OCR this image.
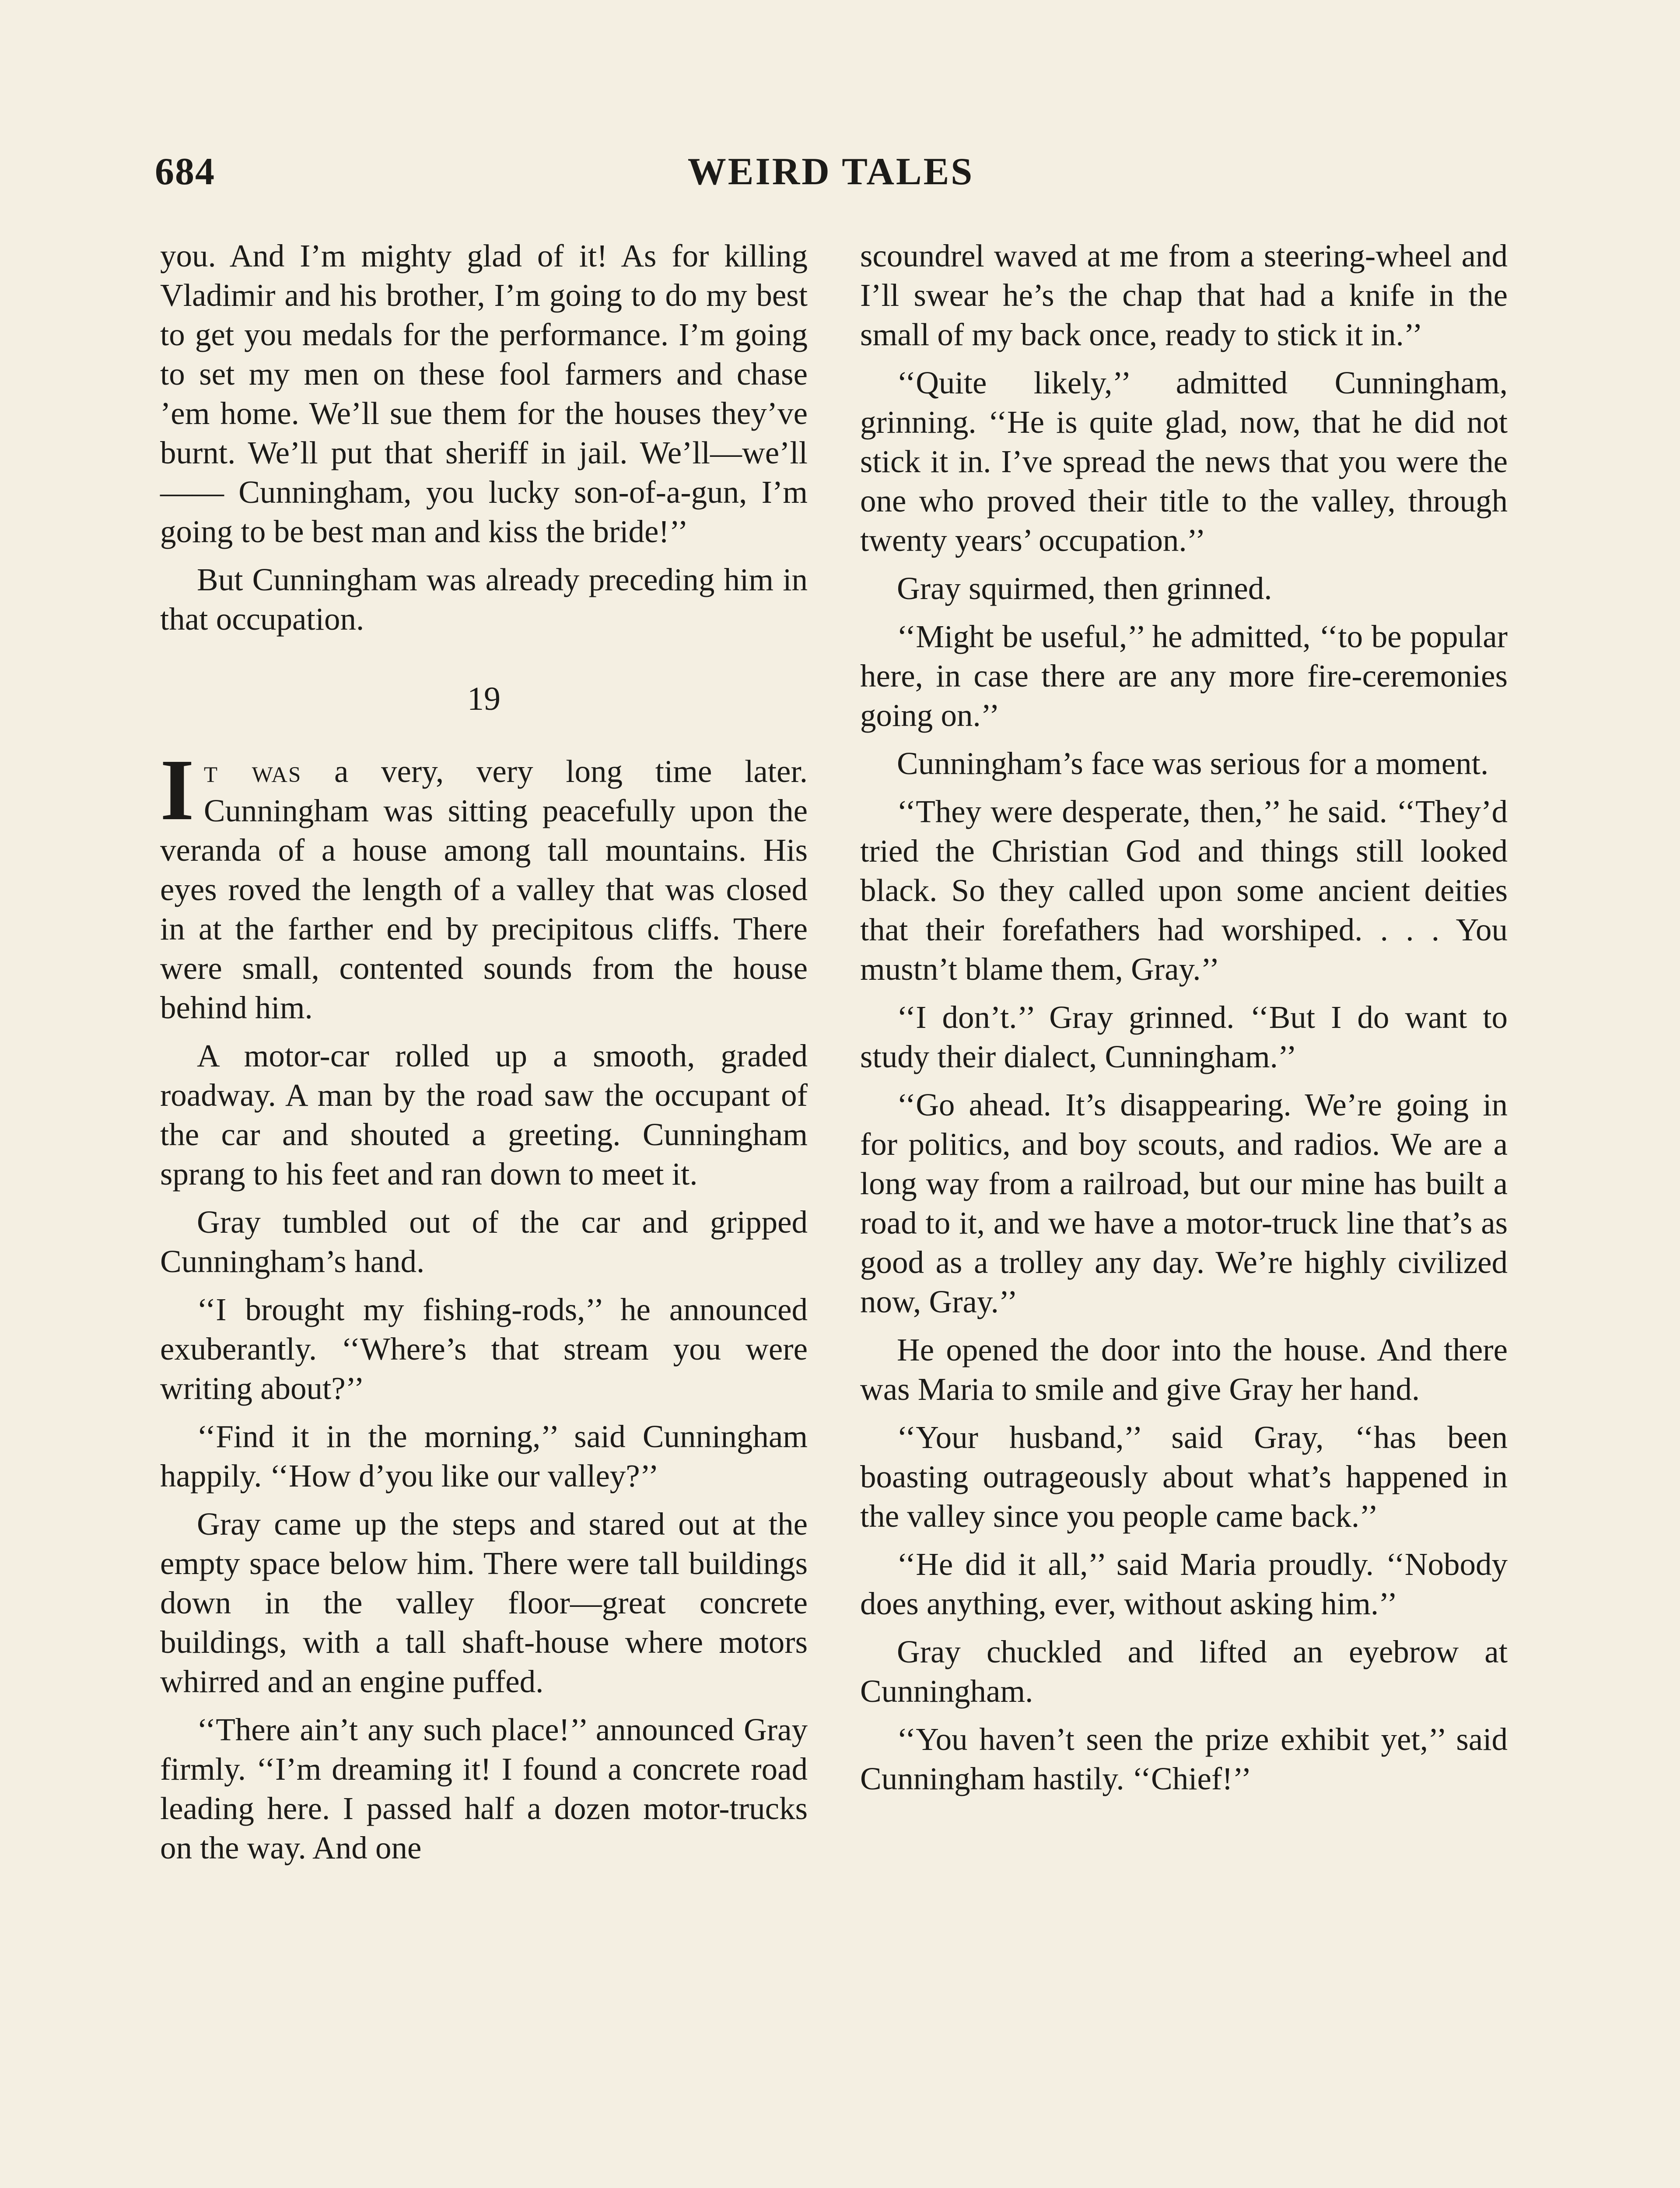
684	WEIRD TALES

you. And I’m mighty glad of it! As for killing Vladimir and his brother, I’m going to do my best to get you medals for the performance. I’m going to set my men on these fool farmers and chase ’em home. We’ll sue them for the houses they’ve burnt. We’ll put that sheriff in jail. We’ll—we’ll—— Cunningham, you lucky son-of-a-gun, I’m going to be best man and kiss the bride!’’

But Cunningham was already preceding him in that occupation.

19

It was a very, very long time later. Cunningham was sitting peacefully upon the veranda of a house among tall mountains. His eyes roved the length of a valley that was closed in at the farther end by precipitous cliffs. There were small, contented sounds from the house behind him.

A motor-car rolled up a smooth, graded roadway. A man by the road saw the occupant of the car and shouted a greeting. Cunningham sprang to his feet and ran down to meet it.

Gray tumbled out of the car and gripped Cunningham’s hand.

‘‘I brought my fishing-rods,’’ he announced exuberantly. ‘‘Where’s that stream you were writing about?’’

‘‘Find it in the morning,’’ said Cunningham happily. ‘‘How d’you like our valley?’’

Gray came up the steps and stared out at the empty space below him. There were tall buildings down in the valley floor—great concrete buildings, with a tall shaft-house where motors whirred and an engine puffed.

‘‘There ain’t any such place!’’ announced Gray firmly. ‘‘I’m dreaming it! I found a concrete road leading here. I passed half a dozen motor-trucks on the way. And one

scoundrel waved at me from a steering-wheel and I’ll swear he’s the chap that had a knife in the small of my back once, ready to stick it in.’’

‘‘Quite likely,’’ admitted Cunningham, grinning. ‘‘He is quite glad, now, that he did not stick it in. I’ve spread the news that you were the one who proved their title to the valley, through twenty years’ occupation.’’

Gray squirmed, then grinned.

‘‘Might be useful,’’ he admitted, ‘‘to be popular here, in case there are any more fire-ceremonies going on.’’

Cunningham’s face was serious for a moment.

‘‘They were desperate, then,’’ he said. ‘‘They’d tried the Christian God and things still looked black. So they called upon some ancient deities that their forefathers had worshiped. . . . You mustn’t blame them, Gray.’’

‘‘I don’t.’’ Gray grinned. ‘‘But I do want to study their dialect, Cunningham.’’

‘‘Go ahead. It’s disappearing. We’re going in for politics, and boy scouts, and radios. We are a long way from a railroad, but our mine has built a road to it, and we have a motor-truck line that’s as good as a trolley any day. We’re highly civilized now, Gray.’’

He opened the door into the house. And there was Maria to smile and give Gray her hand.

‘‘Your husband,’’ said Gray, ‘‘has been boasting outrageously about what’s happened in the valley since you people came back.’’

‘‘He did it all,’’ said Maria proudly. ‘‘Nobody does anything, ever, without asking him.’’

Gray chuckled and lifted an eyebrow at Cunningham.

‘‘You haven’t seen the prize exhibit yet,’’ said Cunningham hastily. ‘‘Chief!’’
